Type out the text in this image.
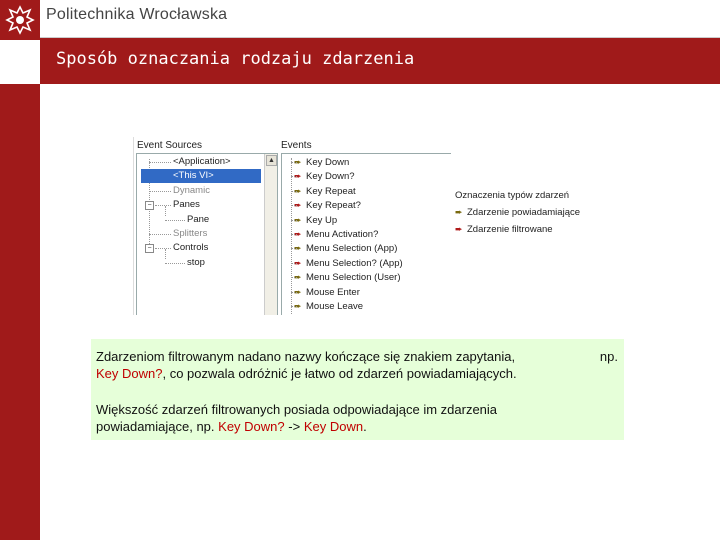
Politechnika Wrocławska
Sposób oznaczania rodzaju zdarzenia
Event Sources	Events
−
−
<Application>
<This VI>
Dynamic
Panes
Pane
Splitters
Controls
stop
▲	➨ Key Down
➨ Key Down?
➨ Key Repeat
➨ Key Repeat?
➨ Key Up
➨ Menu Activation?
➨ Menu Selection (App)
➨ Menu Selection? (App)
➨ Menu Selection (User)
➨ Mouse Enter
➨ Mouse Leave
Oznaczenia typów zdarzeń
➨ Zdarzenie powiadamiające
➨ Zdarzenie filtrowane

Zdarzeniom filtrowanym nadano nazwy kończące się znakiem zapytania,	np.

Key Down?, co pozwala odróżnić je łatwo od zdarzeń powiadamiających.

Większość zdarzeń filtrowanych posiada odpowiadające im zdarzenia

powiadamiające, np. Key Down? -> Key Down.
